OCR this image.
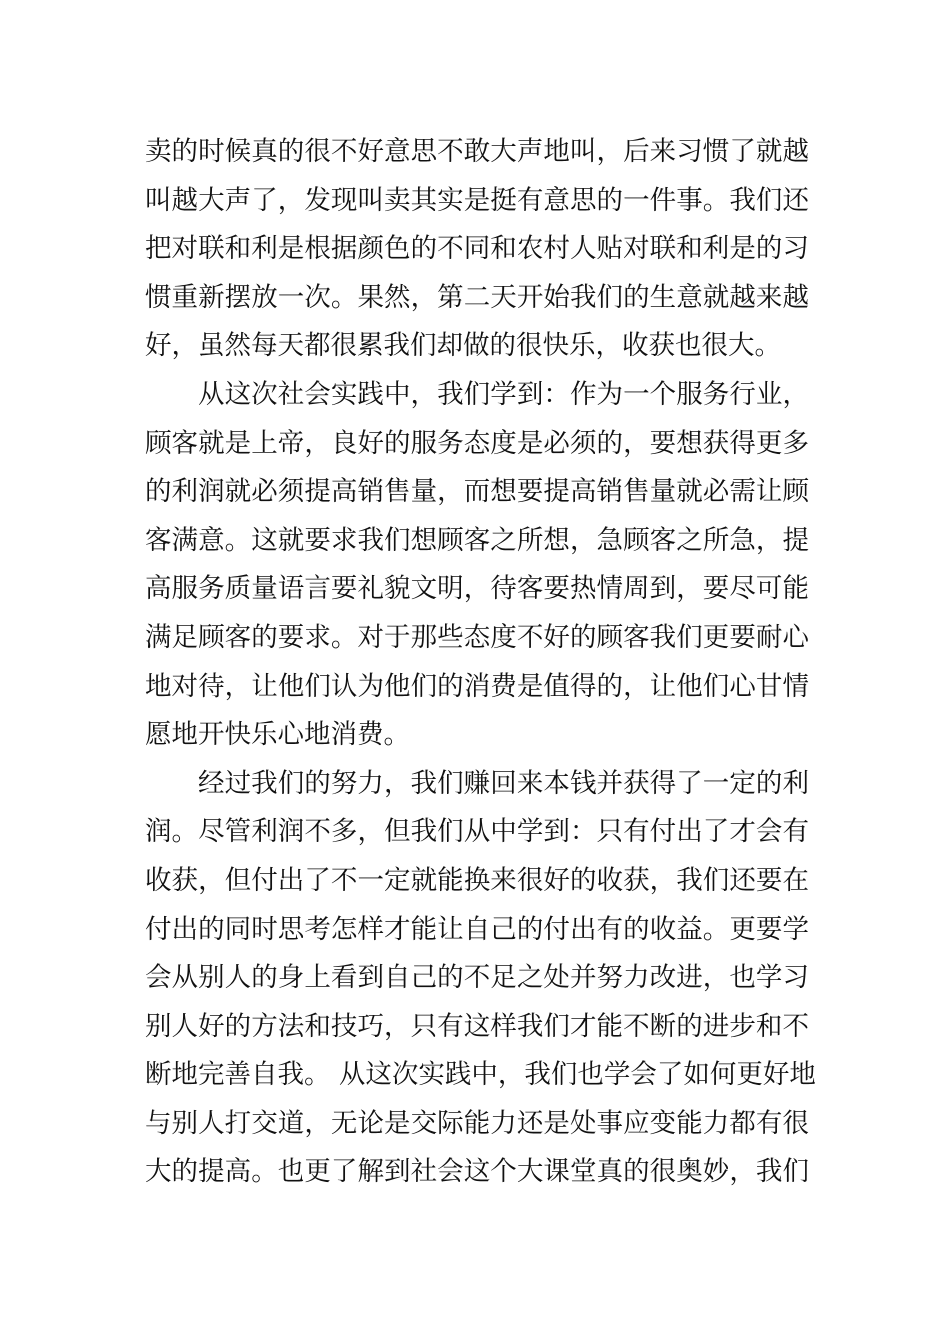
卖的时候真的很不好意思不敢大声地叫，后来习惯了就越
叫越大声了，发现叫卖其实是挺有意思的一件事。我们还
把对联和利是根据颜色的不同和农村人贴对联和利是的习
惯重新摆放一次。果然，第二天开始我们的生意就越来越
好，虽然每天都很累我们却做的很快乐，收获也很大。
从这次社会实践中，我们学到：作为一个服务行业，
顾客就是上帝，良好的服务态度是必须的，要想获得更多
的利润就必须提高销售量，而想要提高销售量就必需让顾
客满意。这就要求我们想顾客之所想，急顾客之所急，提
高服务质量语言要礼貌文明，待客要热情周到，要尽可能
满足顾客的要求。对于那些态度不好的顾客我们更要耐心
地对待，让他们认为他们的消费是值得的，让他们心甘情
愿地开快乐心地消费。
经过我们的努力，我们赚回来本钱并获得了一定的利
润。尽管利润不多，但我们从中学到：只有付出了才会有
收获，但付出了不一定就能换来很好的收获，我们还要在
付出的同时思考怎样才能让自己的付出有的收益。更要学
会从别人的身上看到自己的不足之处并努力改进，也学习
别人好的方法和技巧，只有这样我们才能不断的进步和不
断地完善自我。 从这次实践中，我们也学会了如何更好地
与别人打交道，无论是交际能力还是处事应变能力都有很
大的提高。也更了解到社会这个大课堂真的很奥妙，我们
